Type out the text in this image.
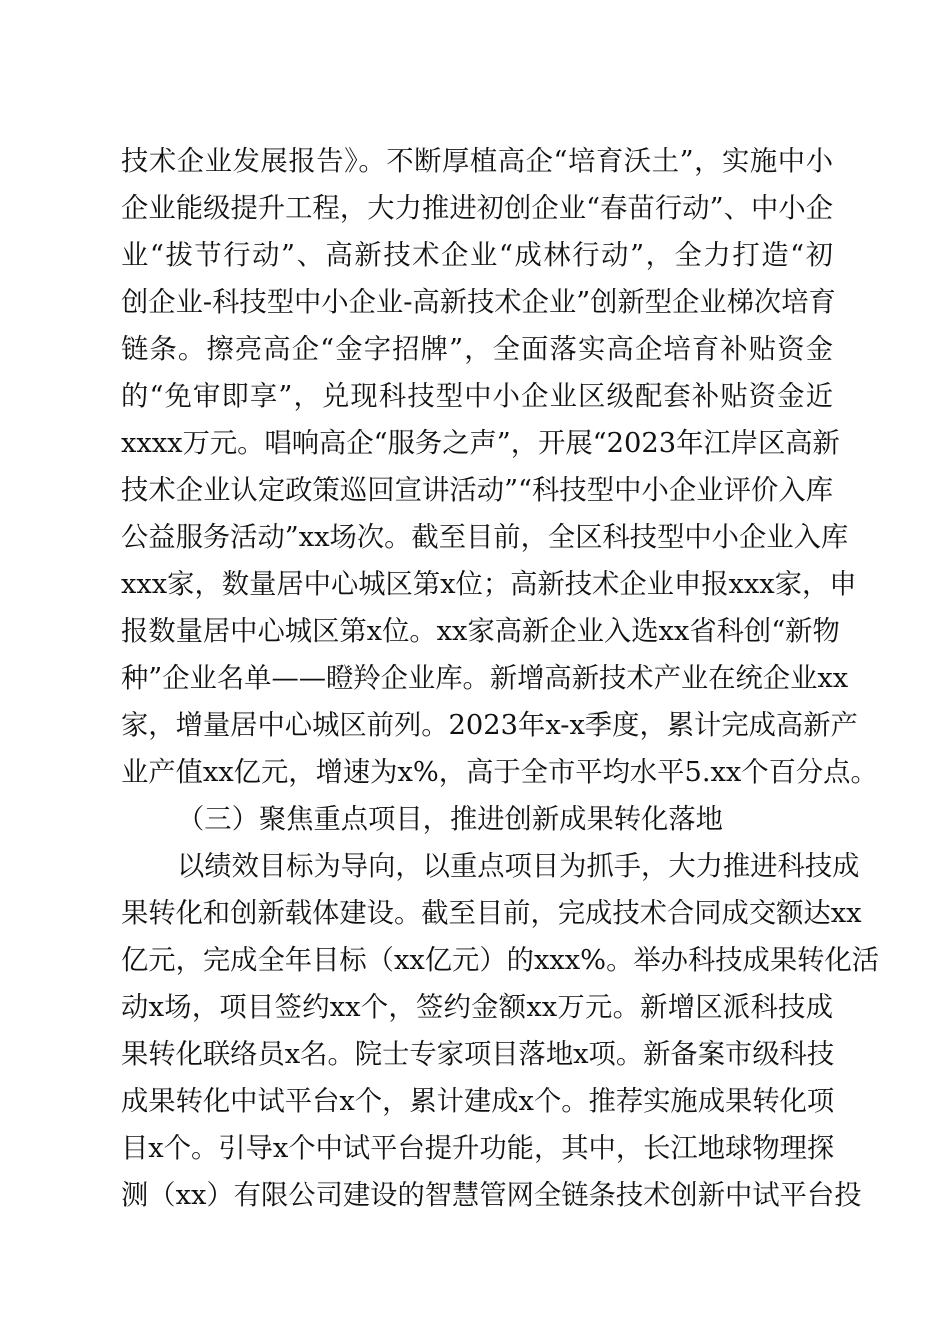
技术企业发展报告》。不断厚植高企“培育沃土”，实施中小
企业能级提升工程，大力推进初创企业“春苗行动”、中小企
业“拔节行动”、高新技术企业“成林行动”，全力打造“初
创企业-科技型中小企业-高新技术企业”创新型企业梯次培育
链条。擦亮高企“金字招牌”，全面落实高企培育补贴资金
的“免审即享”，兑现科技型中小企业区级配套补贴资金近
xxxx万元。唱响高企“服务之声”，开展“2023年江岸区高新
技术企业认定政策巡回宣讲活动”“科技型中小企业评价入库
公益服务活动”xx场次。截至目前，全区科技型中小企业入库
xxx家，数量居中心城区第x位；高新技术企业申报xxx家，申
报数量居中心城区第x位。xx家高新企业入选xx省科创“新物
种”企业名单——瞪羚企业库。新增高新技术产业在统企业xx
家，增量居中心城区前列。2023年x-x季度，累计完成高新产
业产值xx亿元，增速为x%，高于全市平均水平5.xx个百分点。
（三）聚焦重点项目，推进创新成果转化落地
以绩效目标为导向，以重点项目为抓手，大力推进科技成
果转化和创新载体建设。截至目前，完成技术合同成交额达xx
亿元，完成全年目标（xx亿元）的xxx%。举办科技成果转化活
动x场，项目签约xx个，签约金额xx万元。新增区派科技成
果转化联络员x名。院士专家项目落地x项。新备案市级科技
成果转化中试平台x个，累计建成x个。推荐实施成果转化项
目x个。引导x个中试平台提升功能，其中，长江地球物理探
测（xx）有限公司建设的智慧管网全链条技术创新中试平台投
